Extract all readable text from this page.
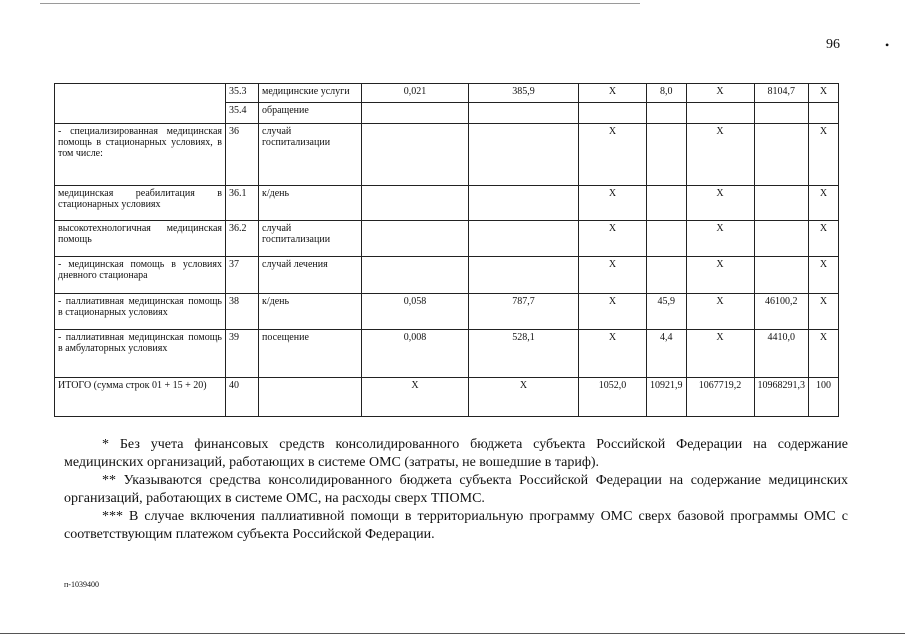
96	•
	35.3	медицинские услуги	0,021	385,9	X	8,0	X	8104,7	X
	35.4	обращение							
- специализированная медицинская помощь в стационарных условиях, в том числе:	36	случай госпитализации			X		X		X
медицинская реабилитация в стационарных условиях	36.1	к/день			X		X		X
высокотехнологичная медицинская помощь	36.2	случай госпитализации			X		X		X
- медицинская помощь в условиях дневного стационара	37	случай лечения			X		X		X
- паллиативная медицинская помощь в стационарных условиях	38	к/день	0,058	787,7	X	45,9	X	46100,2	X
- паллиативная медицинская помощь в амбулаторных условиях	39	посещение	0,008	528,1	X	4,4	X	4410,0	X
ИТОГО (сумма строк 01 + 15 + 20)	40		X	X	1052,0	10921,9	1067719,2	10968291,3	100

* Без учета финансовых средств консолидированного бюджета субъекта Российской Федерации на содержание медицинских организаций, работающих в системе ОМС (затраты, не вошедшие в тариф).

** Указываются средства консолидированного бюджета субъекта Российской Федерации на содержание медицинских организаций, работающих в системе ОМС, на расходы сверх ТПОМС.

*** В случае включения паллиативной помощи в территориальную программу ОМС сверх базовой программы ОМС с соответствующим платежом субъекта Российской Федерации.

п-1039400
